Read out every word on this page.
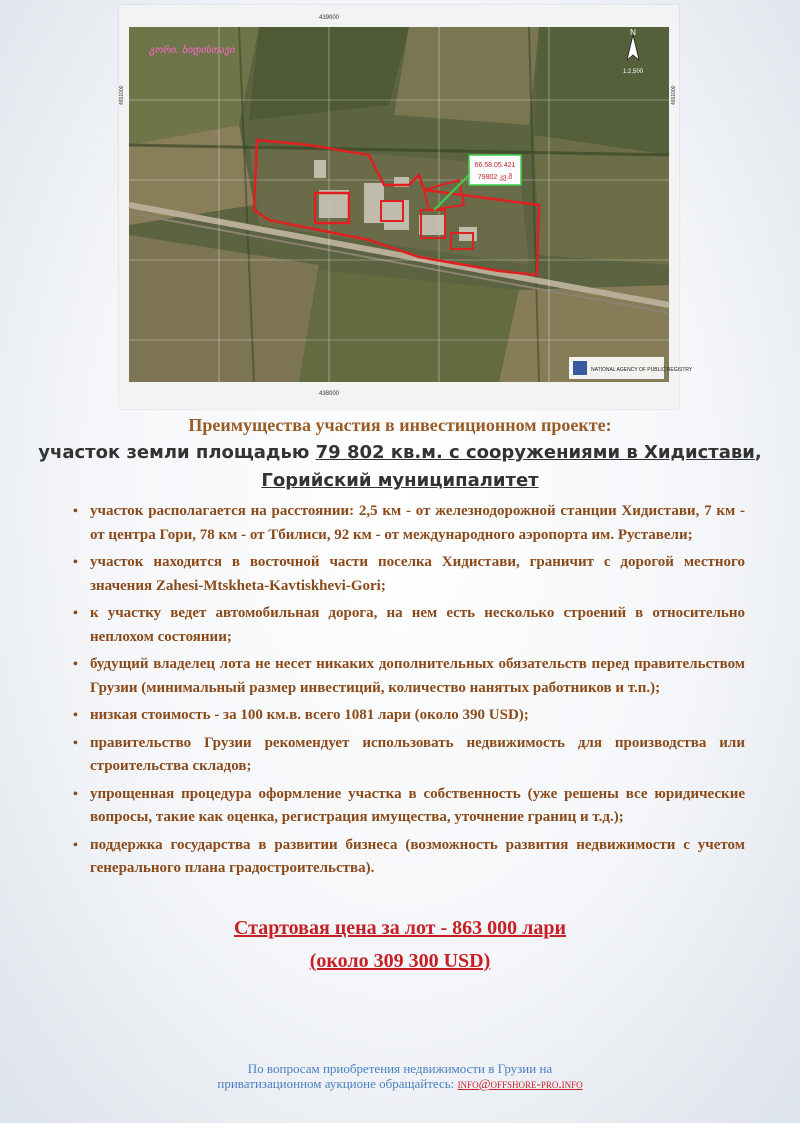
66.58.05.421
79802 კვ.მ
გორი. ხიდისთავი
N
1:2,500
NATIONAL AGENCY OF PUBLIC REGISTRY
439000
438000
4651000	4651000
Преимущества участия в инвестиционном проекте:
участок земли площадью 79 802 кв.м. с сооружениями в Хидистави,
Горийский муниципалитет
• участок располагается на расстоянии: 2,5 км - от железнодорожной станции Хидистави, 7 км - от центра Гори, 78 км - от Тбилиси, 92 км - от международного аэропорта им. Руставели;
• участок находится в восточной части поселка Хидистави, граничит с дорогой местного значения Zahesi-Mtskheta-Kavtiskhevi-Gori;
• к участку ведет автомобильная дорога, на нем есть несколько строений в относительно неплохом состоянии;
• будущий владелец лота не несет никаких дополнительных обязательств перед правительством Грузии (минимальный размер инвестиций, количество нанятых работников и т.п.);
• низкая стоимость - за 100 км.в. всего 1081 лари (около 390 USD);
• правительство Грузии рекомендует использовать недвижимость для производства или строительства складов;
• упрощенная процедура оформление участка в собственность (уже решены все юридические вопросы, такие как оценка, регистрация имущества, уточнение границ и т.д.);
• поддержка государства в развитии бизнеса (возможность развития недвижимости с учетом генерального плана градостроительства).
Стартовая цена за лот - 863 000 лари
(около 309 300 USD)
По вопросам приобретения недвижимости в Грузии на
приватизационном аукционе обращайтесь: info@offshore-pro.info
